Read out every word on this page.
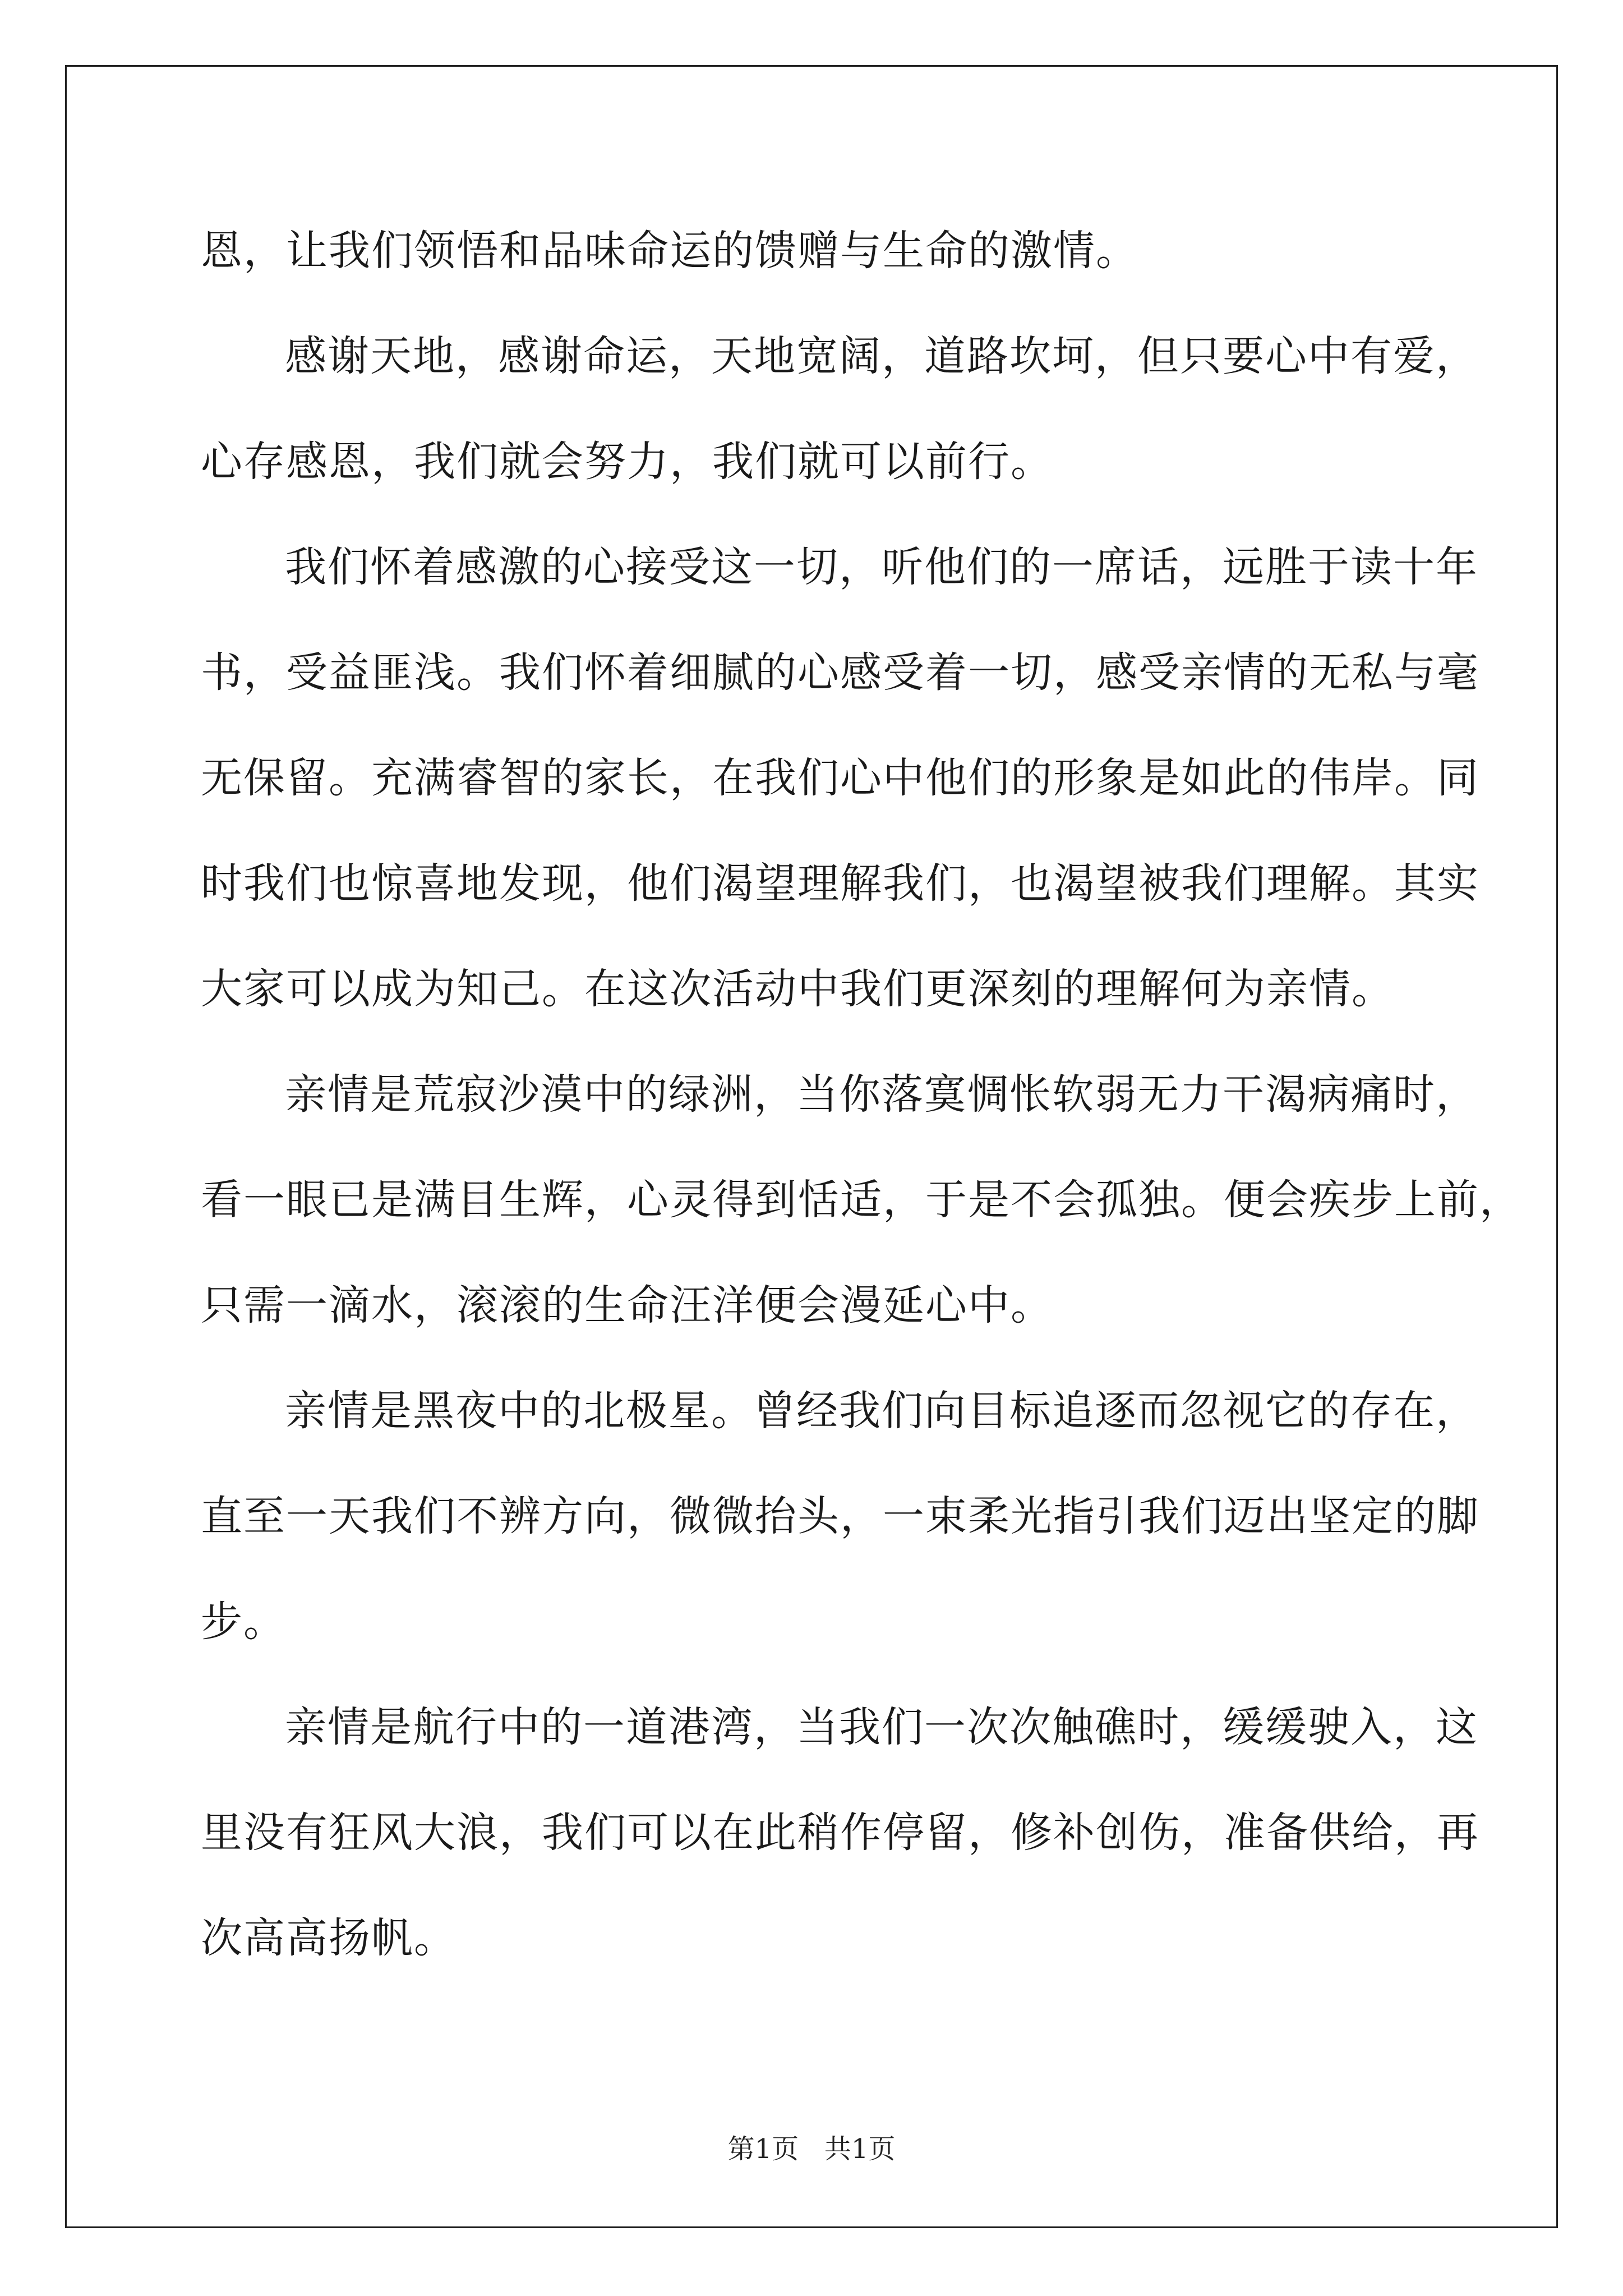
恩，让我们领悟和品味命运的馈赠与生命的激情。
感谢天地，感谢命运，天地宽阔，道路坎坷，但只要心中有爱，
心存感恩，我们就会努力，我们就可以前行。
我们怀着感激的心接受这一切，听他们的一席话，远胜于读十年
书，受益匪浅。我们怀着细腻的心感受着一切，感受亲情的无私与毫
无保留。充满睿智的家长，在我们心中他们的形象是如此的伟岸。同
时我们也惊喜地发现，他们渴望理解我们，也渴望被我们理解。其实
大家可以成为知己。在这次活动中我们更深刻的理解何为亲情。
亲情是荒寂沙漠中的绿洲，当你落寞惆怅软弱无力干渴病痛时，
看一眼已是满目生辉，心灵得到恬适，于是不会孤独。便会疾步上前，
只需一滴水，滚滚的生命汪洋便会漫延心中。
亲情是黑夜中的北极星。曾经我们向目标追逐而忽视它的存在，
直至一天我们不辨方向，微微抬头，一束柔光指引我们迈出坚定的脚
步。
亲情是航行中的一道港湾，当我们一次次触礁时，缓缓驶入，这
里没有狂风大浪，我们可以在此稍作停留，修补创伤，准备供给，再
次高高扬帆。
第1页   共1页
